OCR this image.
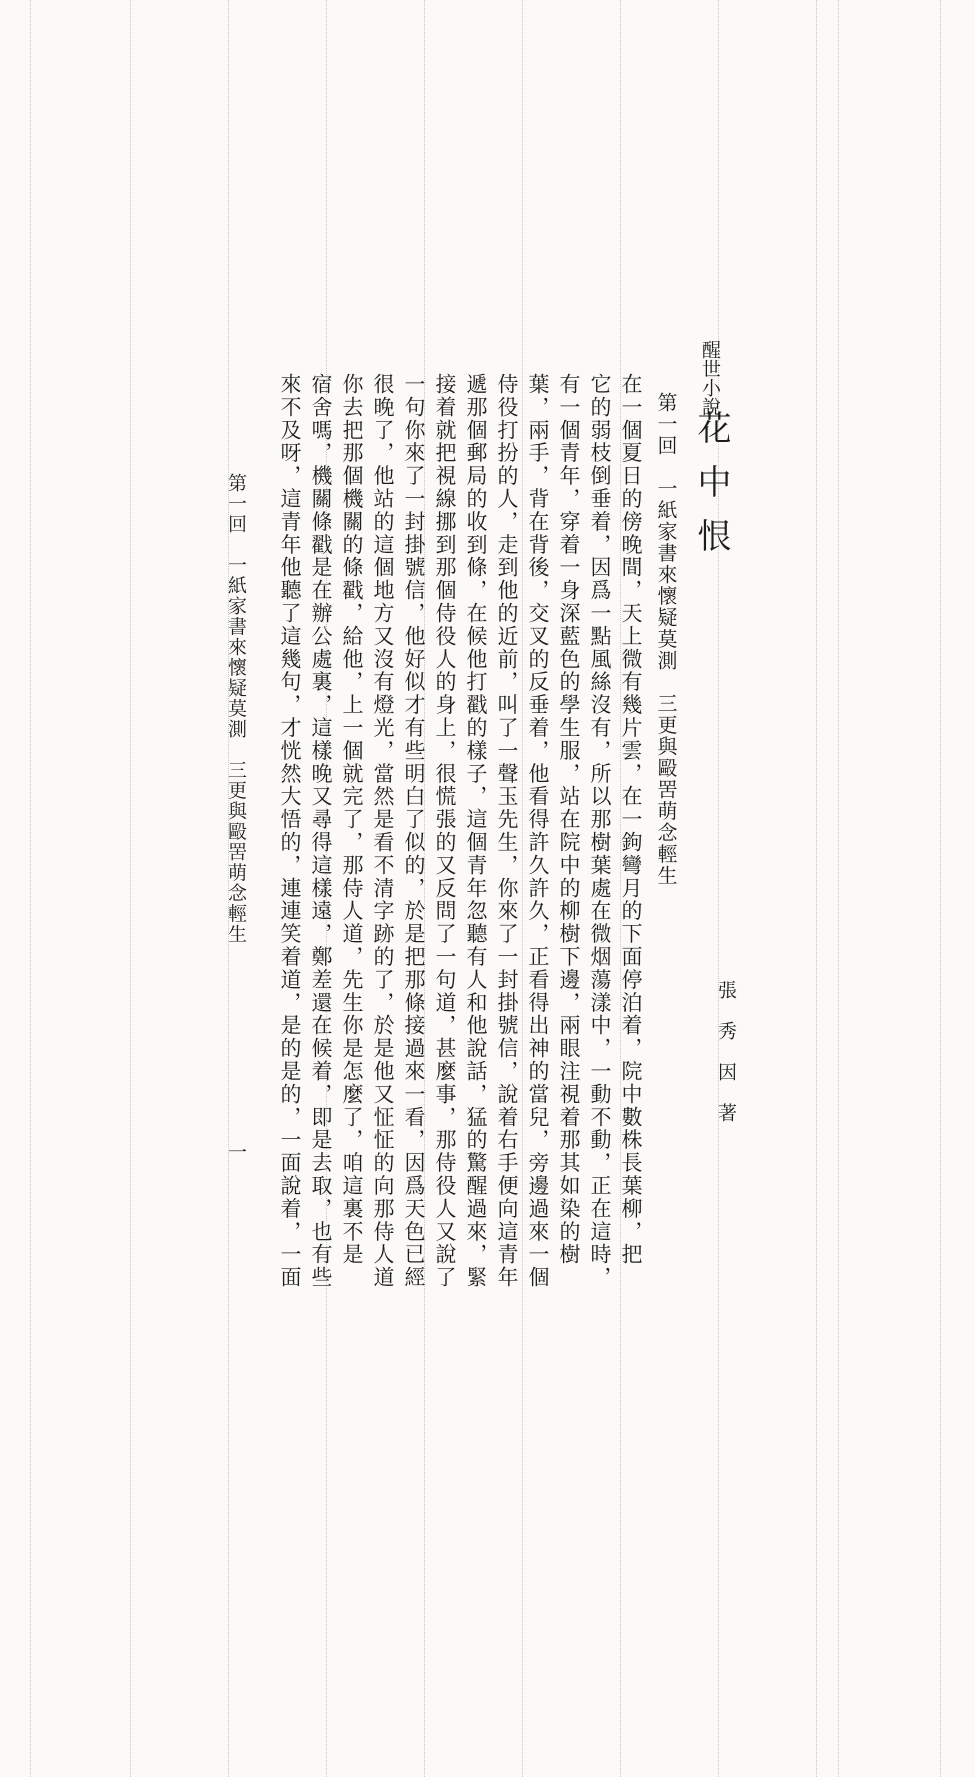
醒世小說
花中恨
張秀因著
第一回　一紙家書來懷疑莫測　三更與毆罟萌念輕生
在一個夏日的傍晚間，天上微有幾片雲，在一鉤彎月的下面停泊着，院中數株長葉柳，把
它的弱枝倒垂着，因爲一點風絲沒有，所以那樹葉處在微烟蕩漾中，一動不動，正在這時，
有一個青年，穿着一身深藍色的學生服，站在院中的柳樹下邊，兩眼注視着那其如染的樹
葉，兩手，背在背後，交叉的反垂着，他看得許久許久，正看得出神的當兒，旁邊過來一個
侍役打扮的人，走到他的近前，叫了一聲玉先生，你來了一封掛號信，說着右手便向這青年
遞那個郵局的收到條，在候他打戳的樣子，這個青年忽聽有人和他說話，猛的驚醒過來，緊
接着就把視線挪到那個侍役人的身上，很慌張的又反問了一句道，甚麼事，那侍役人又說了
一句你來了一封掛號信，他好似才有些明白了似的，於是把那條接過來一看，因爲天色已經
很晚了，他站的這個地方又沒有燈光，當然是看不清字跡的了，於是他又怔怔的向那侍人道
你去把那個機關的條戳，給他，上一個就完了，那侍人道，先生你是怎麼了，咱這裏不是
宿舍嗎，機關條戳是在辦公處裏，這樣晚又尋得這樣遠，鄭差還在候着，即是去取，也有些
來不及呀，這青年他聽了這幾句，才恍然大悟的，連連笑着道，是的是的，一面說着，一面
第一回　一紙家書來懷疑莫測　三更與毆罟萌念輕生
一
